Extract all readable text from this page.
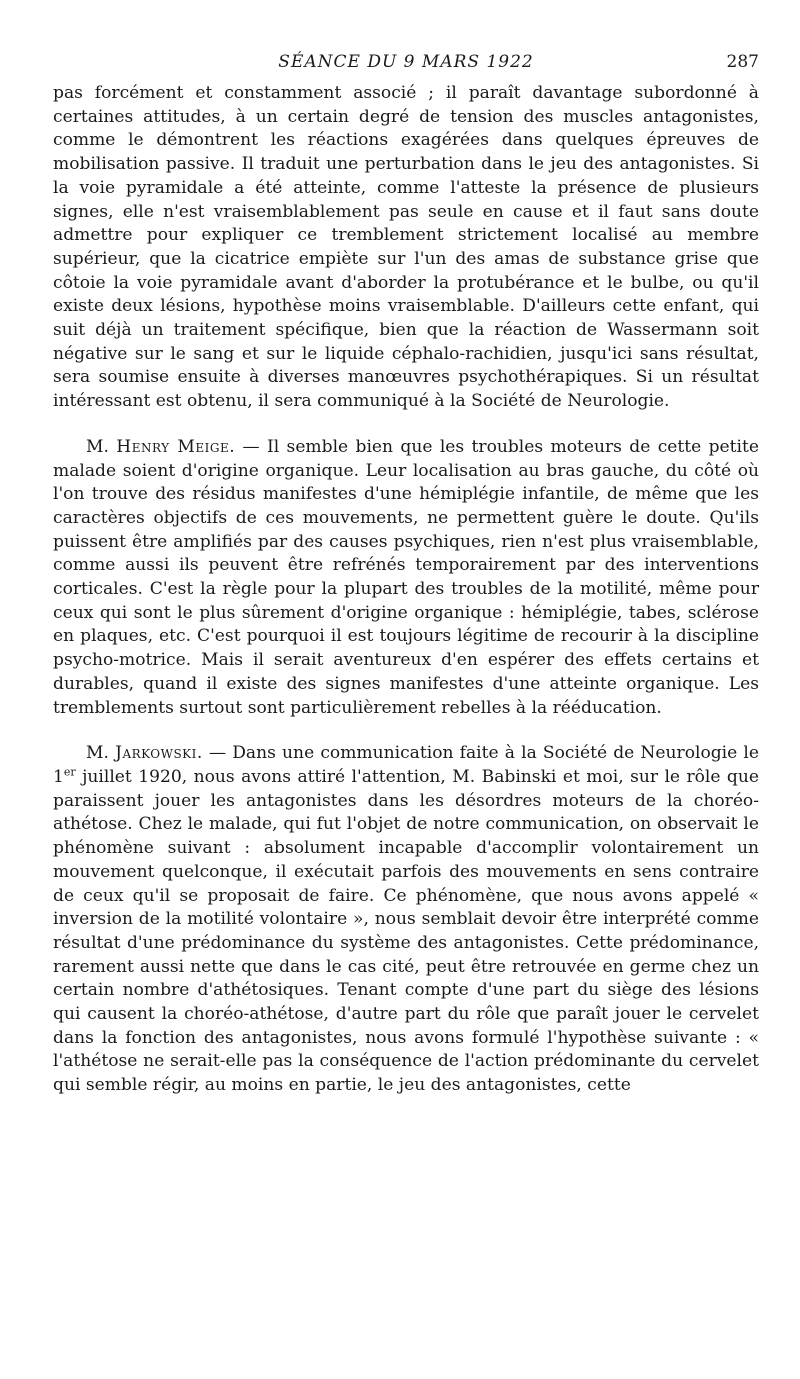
SÉANCE DU 9 MARS 1922	287

pas forcément et constamment associé ; il paraît davantage subordonné à certaines attitudes, à un certain degré de tension des muscles antagonistes, comme le démontrent les réactions exagérées dans quelques épreuves de mobilisation passive. Il traduit une perturbation dans le jeu des antagonistes. Si la voie pyramidale a été atteinte, comme l'atteste la présence de plusieurs signes, elle n'est vraisemblablement pas seule en cause et il faut sans doute admettre pour expliquer ce tremblement strictement localisé au membre supérieur, que la cicatrice empiète sur l'un des amas de substance grise que côtoie la voie pyramidale avant d'aborder la protubérance et le bulbe, ou qu'il existe deux lésions, hypothèse moins vraisemblable. D'ailleurs cette enfant, qui suit déjà un traitement spécifique, bien que la réaction de Wassermann soit négative sur le sang et sur le liquide céphalo-rachidien, jusqu'ici sans résultat, sera soumise ensuite à diverses manœuvres psychothérapiques. Si un résultat intéressant est obtenu, il sera communiqué à la Société de Neurologie.

M. Henry Meige. — Il semble bien que les troubles moteurs de cette petite malade soient d'origine organique. Leur localisation au bras gauche, du côté où l'on trouve des résidus manifestes d'une hémiplégie infantile, de même que les caractères objectifs de ces mouvements, ne permettent guère le doute. Qu'ils puissent être amplifiés par des causes psychiques, rien n'est plus vraisemblable, comme aussi ils peuvent être refrénés temporairement par des interventions corticales. C'est la règle pour la plupart des troubles de la motilité, même pour ceux qui sont le plus sûrement d'origine organique : hémiplégie, tabes, sclérose en plaques, etc. C'est pourquoi il est toujours légitime de recourir à la discipline psycho-motrice. Mais il serait aventureux d'en espérer des effets certains et durables, quand il existe des signes manifestes d'une atteinte organique. Les tremblements surtout sont particulièrement rebelles à la rééducation.

M. Jarkowski. — Dans une communication faite à la Société de Neurologie le 1er juillet 1920, nous avons attiré l'attention, M. Babinski et moi, sur le rôle que paraissent jouer les antagonistes dans les désordres moteurs de la choréo-athétose. Chez le malade, qui fut l'objet de notre communication, on observait le phénomène suivant : absolument incapable d'accomplir volontairement un mouvement quelconque, il exécutait parfois des mouvements en sens contraire de ceux qu'il se proposait de faire. Ce phénomène, que nous avons appelé « inversion de la motilité volontaire », nous semblait devoir être interprété comme résultat d'une prédominance du système des antagonistes. Cette prédominance, rarement aussi nette que dans le cas cité, peut être retrouvée en germe chez un certain nombre d'athétosiques. Tenant compte d'une part du siège des lésions qui causent la choréo-athétose, d'autre part du rôle que paraît jouer le cervelet dans la fonction des antagonistes, nous avons formulé l'hypothèse suivante : « l'athétose ne serait-elle pas la conséquence de l'action prédominante du cervelet qui semble régir, au moins en partie, le jeu des antagonistes, cette
